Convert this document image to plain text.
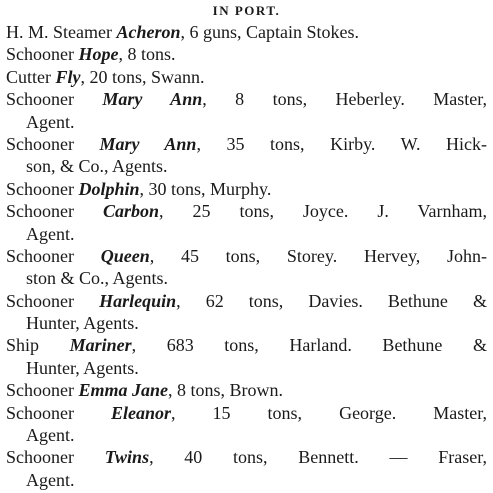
IN PORT.
H. M. Steamer Acheron, 6 guns, Captain Stokes.
Schooner Hope, 8 tons.
Cutter Fly, 20 tons, Swann.
Schooner Mary Ann, 8 tons, Heberley. Master,
Agent.
Schooner Mary Ann, 35 tons, Kirby. W. Hick-
son, & Co., Agents.
Schooner Dolphin, 30 tons, Murphy.
Schooner Carbon, 25 tons, Joyce. J. Varnham,
Agent.
Schooner Queen, 45 tons, Storey. Hervey, John-
ston & Co., Agents.
Schooner Harlequin, 62 tons, Davies. Bethune &
Hunter, Agents.
Ship Mariner, 683 tons, Harland. Bethune &
Hunter, Agents.
Schooner Emma Jane, 8 tons, Brown.
Schooner Eleanor, 15 tons, George. Master,
Agent.
Schooner Twins, 40 tons, Bennett. — Fraser,
Agent.
